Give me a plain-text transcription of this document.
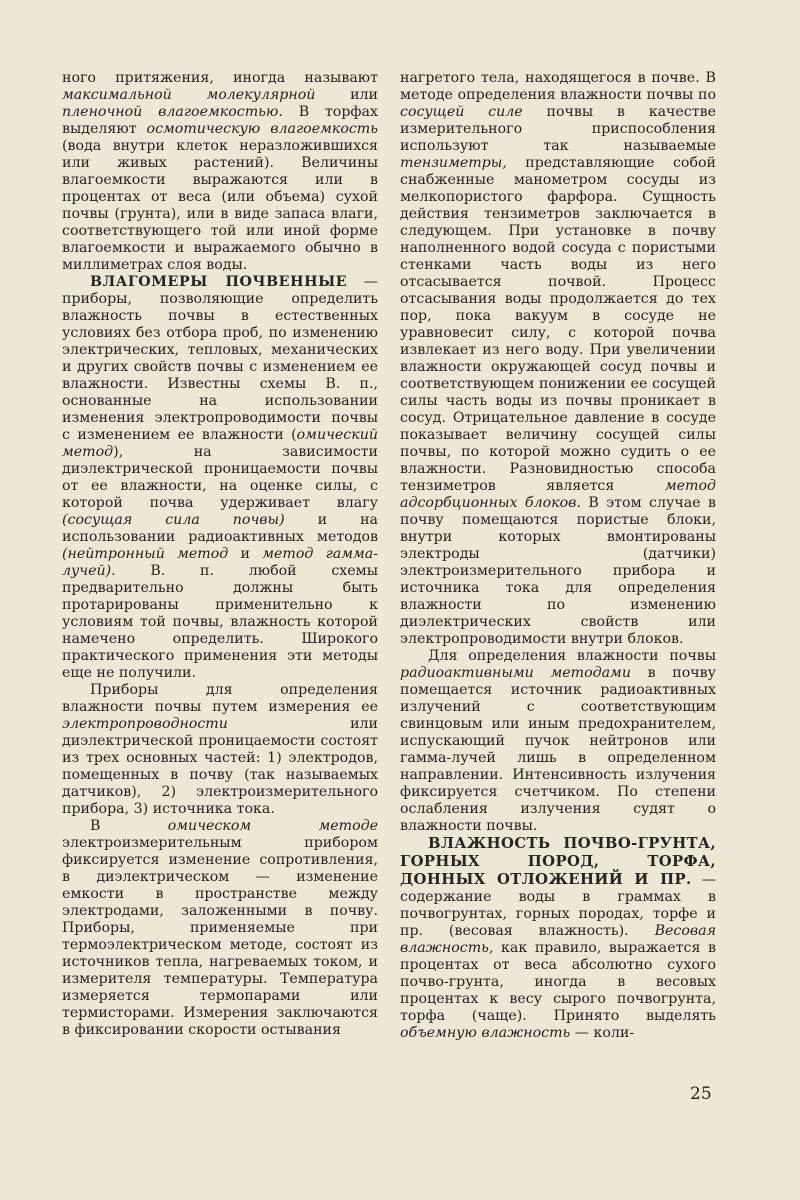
ного притяжения, иногда называют максимальной молекулярной или пленочной влагоемкостью. В торфах выделяют осмотическую влагоемкость (вода внутри клеток неразложившихся или живых растений). Величины влагоемкости выражаются или в процентах от веса (или объема) сухой почвы (грунта), или в виде запаса влаги, соответствующего той или иной форме влагоемкости и выражаемого обычно в миллиметрах слоя воды.

ВЛАГОМЕРЫ ПОЧВЕННЫЕ — приборы, позволяющие определить влажность почвы в естественных условиях без отбора проб, по изменению электрических, тепловых, механических и других свойств почвы с изменением ее влажности. Известны схемы В. п., основанные на использовании изменения электропроводимости почвы с изменением ее влажности (омический метод), на зависимости диэлектрической проницаемости почвы от ее влажности, на оценке силы, с которой почва удерживает влагу (сосущая сила почвы) и на использовании радиоактивных методов (нейтронный метод и метод гамма-лучей). В. п. любой схемы предварительно должны быть протарированы применительно к условиям той почвы, влажность которой намечено определить. Широкого практического применения эти методы еще не получили.

Приборы для определения влажности почвы путем измерения ее электропроводности или диэлектрической проницаемости состоят из трех основных частей: 1) электродов, помещенных в почву (так называемых датчиков), 2) электроизмерительного прибора, 3) источника тока.

В омическом методе электроизмерительным прибором фиксируется изменение сопротивления, в диэлектрическом — изменение емкости в пространстве между электродами, заложенными в почву. Приборы, применяемые при термоэлектрическом методе, состоят из источников тепла, нагреваемых током, и измерителя температуры. Температура измеряется термопарами или термисторами. Измерения заключаются в фиксировании скорости остывания

нагретого тела, находящегося в почве. В методе определения влажности почвы по сосущей силе почвы в качестве измерительного приспособления используют так называемые тензиметры, представляющие собой снабженные манометром сосуды из мелкопористого фарфора. Сущность действия тензиметров заключается в следующем. При установке в почву наполненного водой сосуда с пористыми стенками часть воды из него отсасывается почвой. Процесс отсасывания воды продолжается до тех пор, пока вакуум в сосуде не уравновесит силу, с которой почва извлекает из него воду. При увеличении влажности окружающей сосуд почвы и соответствующем понижении ее сосущей силы часть воды из почвы проникает в сосуд. Отрицательное давление в сосуде показывает величину сосущей силы почвы, по которой можно судить о ее влажности. Разновидностью способа тензиметров является метод адсорбционных блоков. В этом случае в почву помещаются пористые блоки, внутри которых вмонтированы электроды (датчики) электроизмерительного прибора и источника тока для определения влажности по изменению диэлектрических свойств или электропроводимости внутри блоков.

Для определения влажности почвы радиоактивными методами в почву помещается источник радиоактивных излучений с соответствующим свинцовым или иным предохранителем, испускающий пучок нейтронов или гамма-лучей лишь в определенном направлении. Интенсивность излучения фиксируется счетчиком. По степени ослабления излучения судят о влажности почвы.

ВЛАЖНОСТЬ ПОЧВО-ГРУНТА, ГОРНЫХ ПОРОД, ТОРФА, ДОННЫХ ОТЛОЖЕНИЙ И ПР. — содержание воды в граммах в почвогрунтах, горных породах, торфе и пр. (весовая влажность). Весовая влажность, как правило, выражается в процентах от веса абсолютно сухого почво-грунта, иногда в весовых процентах к весу сырого почвогрунта, торфа (чаще). Принято выделять объемную влажность — коли-

25
